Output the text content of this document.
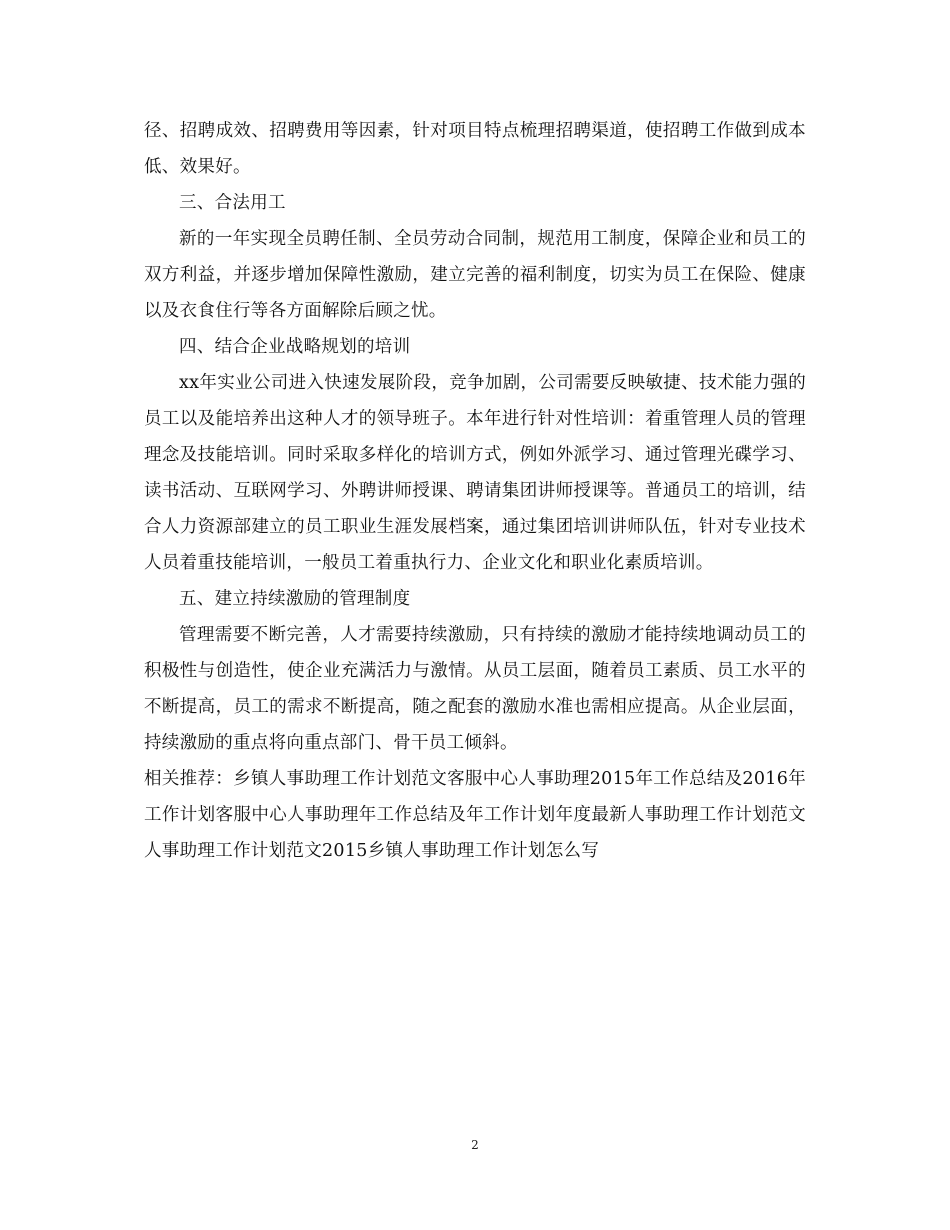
径、招聘成效、招聘费用等因素，针对项目特点梳理招聘渠道，使招聘工作做到成本低、效果好。

三、合法用工

新的一年实现全员聘任制、全员劳动合同制，规范用工制度，保障企业和员工的双方利益，并逐步增加保障性激励，建立完善的福利制度，切实为员工在保险、健康以及衣食住行等各方面解除后顾之忧。

四、结合企业战略规划的培训

xx年实业公司进入快速发展阶段，竞争加剧，公司需要反映敏捷、技术能力强的员工以及能培养出这种人才的领导班子。本年进行针对性培训：着重管理人员的管理理念及技能培训。同时采取多样化的培训方式，例如外派学习、通过管理光碟学习、读书活动、互联网学习、外聘讲师授课、聘请集团讲师授课等。普通员工的培训，结合人力资源部建立的员工职业生涯发展档案，通过集团培训讲师队伍，针对专业技术人员着重技能培训，一般员工着重执行力、企业文化和职业化素质培训。

五、建立持续激励的管理制度

管理需要不断完善，人才需要持续激励，只有持续的激励才能持续地调动员工的积极性与创造性，使企业充满活力与激情。从员工层面，随着员工素质、员工水平的不断提高，员工的需求不断提高，随之配套的激励水准也需相应提高。从企业层面，持续激励的重点将向重点部门、骨干员工倾斜。

相关推荐：乡镇人事助理工作计划范文客服中心人事助理2015年工作总结及2016年工作计划客服中心人事助理年工作总结及年工作计划年度最新人事助理工作计划范文人事助理工作计划范文2015乡镇人事助理工作计划怎么写

2
